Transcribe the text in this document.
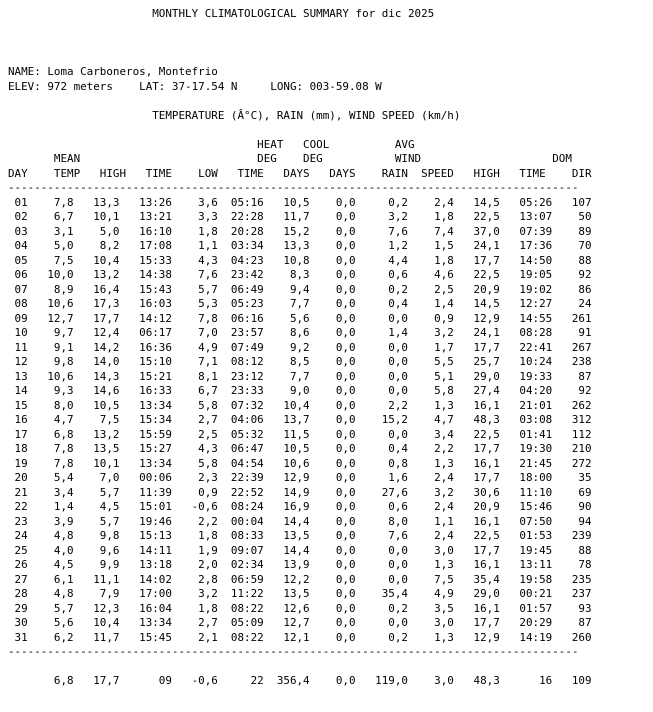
MONTHLY CLIMATOLOGICAL SUMMARY for dic 2025

NAME: Loma Carboneros, Montefrio
ELEV: 972 meters    LAT: 37-17.54 N     LONG: 003-59.08 W

TEMPERATURE (Â°C), RAIN (mm), WIND SPEED (km/h)

HEAT   COOL          AVG
MEAN                           DEG    DEG           WIND                    DOM
DAY    TEMP   HIGH   TIME    LOW   TIME   DAYS   DAYS    RAIN  SPEED   HIGH   TIME    DIR
---------------------------------------------------------------------------------------
01    7,8   13,3   13:26    3,6  05:16   10,5    0,0     0,2    2,4   14,5   05:26   107
02    6,7   10,1   13:21    3,3  22:28   11,7    0,0     3,2    1,8   22,5   13:07    50
03    3,1    5,0   16:10    1,8  20:28   15,2    0,0     7,6    7,4   37,0   07:39    89
04    5,0    8,2   17:08    1,1  03:34   13,3    0,0     1,2    1,5   24,1   17:36    70
05    7,5   10,4   15:33    4,3  04:23   10,8    0,0     4,4    1,8   17,7   14:50    88
06   10,0   13,2   14:38    7,6  23:42    8,3    0,0     0,6    4,6   22,5   19:05    92
07    8,9   16,4   15:43    5,7  06:49    9,4    0,0     0,2    2,5   20,9   19:02    86
08   10,6   17,3   16:03    5,3  05:23    7,7    0,0     0,4    1,4   14,5   12:27    24
09   12,7   17,7   14:12    7,8  06:16    5,6    0,0     0,0    0,9   12,9   14:55   261
10    9,7   12,4   06:17    7,0  23:57    8,6    0,0     1,4    3,2   24,1   08:28    91
11    9,1   14,2   16:36    4,9  07:49    9,2    0,0     0,0    1,7   17,7   22:41   267
12    9,8   14,0   15:10    7,1  08:12    8,5    0,0     0,0    5,5   25,7   10:24   238
13   10,6   14,3   15:21    8,1  23:12    7,7    0,0     0,0    5,1   29,0   19:33    87
14    9,3   14,6   16:33    6,7  23:33    9,0    0,0     0,0    5,8   27,4   04:20    92
15    8,0   10,5   13:34    5,8  07:32   10,4    0,0     2,2    1,3   16,1   21:01   262
16    4,7    7,5   15:34    2,7  04:06   13,7    0,0    15,2    4,7   48,3   03:08   312
17    6,8   13,2   15:59    2,5  05:32   11,5    0,0     0,0    3,4   22,5   01:41   112
18    7,8   13,5   15:27    4,3  06:47   10,5    0,0     0,4    2,2   17,7   19:30   210
19    7,8   10,1   13:34    5,8  04:54   10,6    0,0     0,8    1,3   16,1   21:45   272
20    5,4    7,0   00:06    2,3  22:39   12,9    0,0     1,6    2,4   17,7   18:00    35
21    3,4    5,7   11:39    0,9  22:52   14,9    0,0    27,6    3,2   30,6   11:10    69
22    1,4    4,5   15:01   -0,6  08:24   16,9    0,0     0,6    2,4   20,9   15:46    90
23    3,9    5,7   19:46    2,2  00:04   14,4    0,0     8,0    1,1   16,1   07:50    94
24    4,8    9,8   15:13    1,8  08:33   13,5    0,0     7,6    2,4   22,5   01:53   239
25    4,0    9,6   14:11    1,9  09:07   14,4    0,0     0,0    3,0   17,7   19:45    88
26    4,5    9,9   13:18    2,0  02:34   13,9    0,0     0,0    1,3   16,1   13:11    78
27    6,1   11,1   14:02    2,8  06:59   12,2    0,0     0,0    7,5   35,4   19:58   235
28    4,8    7,9   17:00    3,2  11:22   13,5    0,0    35,4    4,9   29,0   00:21   237
29    5,7   12,3   16:04    1,8  08:22   12,6    0,0     0,2    3,5   16,1   01:57    93
30    5,6   10,4   13:34    2,7  05:09   12,7    0,0     0,0    3,0   17,7   20:29    87
31    6,2   11,7   15:45    2,1  08:22   12,1    0,0     0,2    1,3   12,9   14:19   260
---------------------------------------------------------------------------------------

6,8   17,7      09   -0,6     22  356,4    0,0   119,0    3,0   48,3      16   109
